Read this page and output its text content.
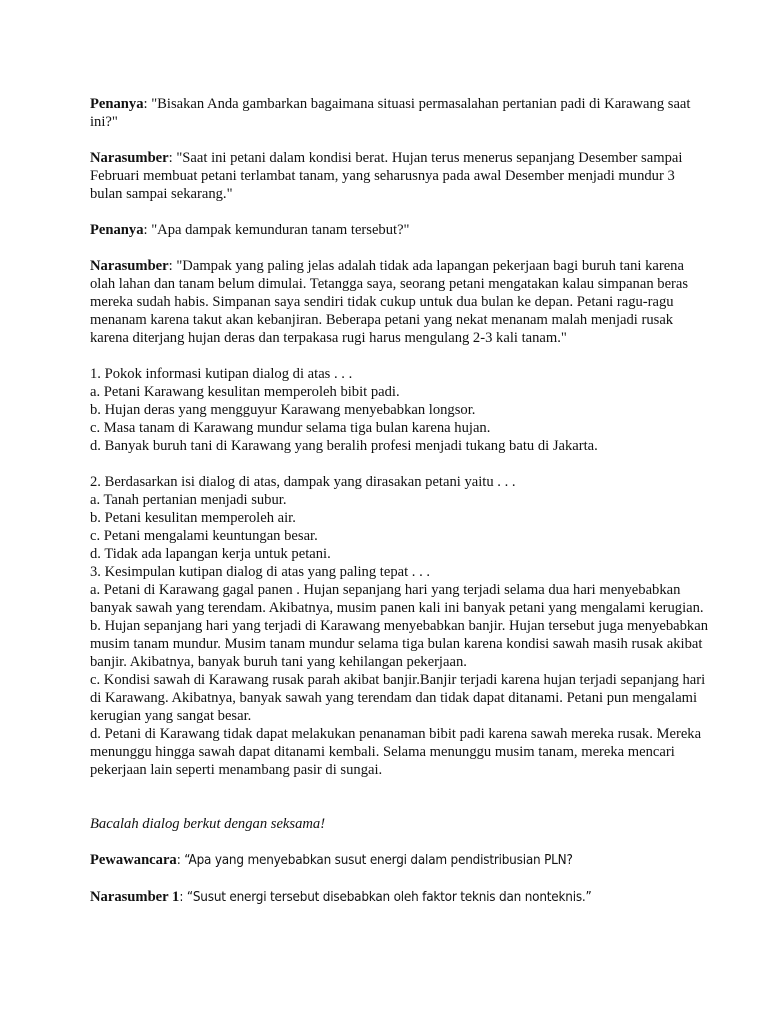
Penanya: "Bisakan Anda gambarkan bagaimana situasi permasalahan pertanian padi di Karawang saat ini?"

Narasumber: "Saat ini petani dalam kondisi berat. Hujan terus menerus sepanjang Desember sampai Februari membuat petani terlambat tanam, yang seharusnya pada awal Desember menjadi mundur 3 bulan sampai sekarang."

Penanya: "Apa dampak kemunduran tanam tersebut?"

Narasumber: "Dampak yang paling jelas adalah tidak ada lapangan pekerjaan bagi buruh tani karena olah lahan dan tanam belum dimulai. Tetangga saya, seorang petani mengatakan kalau simpanan beras mereka sudah habis. Simpanan saya sendiri tidak cukup untuk dua bulan ke depan. Petani ragu-ragu menanam karena takut akan kebanjiran. Beberapa petani yang nekat menanam malah menjadi rusak karena diterjang hujan deras dan terpakasa rugi harus mengulang 2-3 kali tanam."

1. Pokok informasi kutipan dialog di atas . . .

a. Petani Karawang kesulitan memperoleh bibit padi.

b. Hujan deras yang mengguyur Karawang menyebabkan longsor.

c. Masa tanam di Karawang mundur selama tiga bulan karena hujan.

d. Banyak buruh tani di Karawang yang beralih profesi menjadi tukang batu di Jakarta.

2. Berdasarkan isi dialog di atas, dampak yang dirasakan petani yaitu . . .

a. Tanah pertanian menjadi subur.

b. Petani kesulitan memperoleh air.

c. Petani mengalami keuntungan besar.

d. Tidak ada lapangan kerja untuk petani.

3. Kesimpulan kutipan dialog di atas yang paling tepat . . .

a. Petani di Karawang gagal panen . Hujan sepanjang hari yang terjadi selama dua hari menyebabkan banyak sawah yang terendam. Akibatnya, musim panen kali ini banyak petani yang mengalami kerugian.

b. Hujan sepanjang hari yang terjadi di Karawang menyebabkan banjir. Hujan tersebut juga menyebabkan musim tanam mundur. Musim tanam mundur selama tiga bulan karena kondisi sawah masih rusak akibat banjir. Akibatnya, banyak buruh tani yang kehilangan pekerjaan.

c. Kondisi sawah di Karawang rusak parah akibat banjir.Banjir terjadi karena hujan terjadi sepanjang hari di Karawang. Akibatnya, banyak sawah yang terendam dan tidak dapat ditanami. Petani pun mengalami kerugian yang sangat besar.

d. Petani di Karawang tidak dapat melakukan penanaman bibit padi karena sawah mereka rusak. Mereka menunggu hingga sawah dapat ditanami kembali. Selama menunggu musim tanam, mereka mencari pekerjaan lain seperti menambang pasir di sungai.

Bacalah dialog berkut dengan seksama!

Pewawancara: “Apa yang menyebabkan susut energi dalam pendistribusian PLN?

Narasumber 1: “Susut energi tersebut disebabkan oleh faktor teknis dan nonteknis.”
